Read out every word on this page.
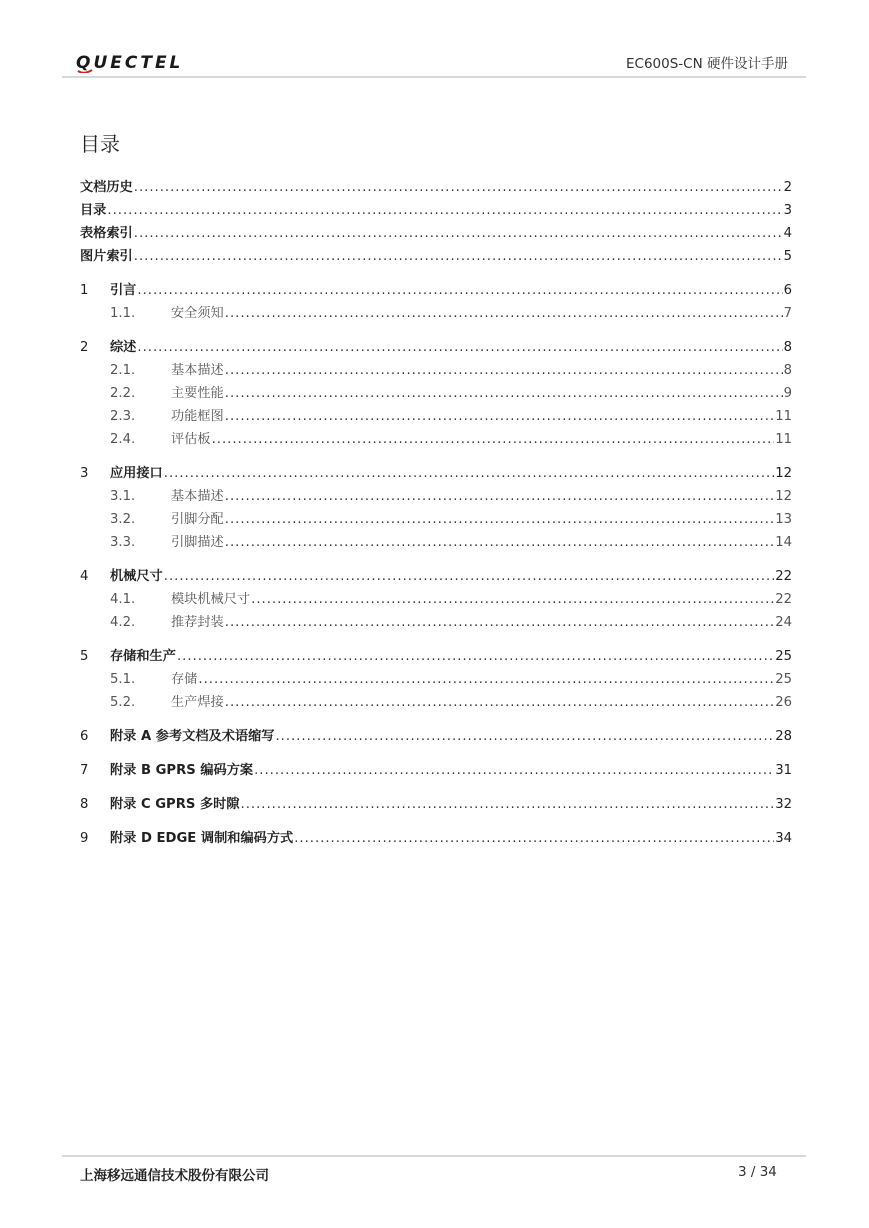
QUECTEL	EC600S-CN 硬件设计手册
目录
文档历史 .....	2
目录 .....	3
表格索引 .....	4
图片索引 .....	5
1	引言 .....	6
1.1.	安全须知 .....	7
2	综述 .....	8
2.1.	基本描述 .....	8
2.2.	主要性能 .....	9
2.3.	功能框图 .....	11
2.4.	评估板 .....	11
3	应用接口 .....	12
3.1.	基本描述 .....	12
3.2.	引脚分配 .....	13
3.3.	引脚描述 .....	14
4	机械尺寸 .....	22
4.1.	模块机械尺寸 .....	22
4.2.	推荐封装 .....	24
5	存储和生产 .....	25
5.1.	存储 .....	25
5.2.	生产焊接 .....	26
6	附录 A 参考文档及术语缩写 .....	28
7	附录 B GPRS 编码方案 .....	31
8	附录 C GPRS 多时隙 .....	32
9	附录 D EDGE 调制和编码方式 .....	34
上海移远通信技术股份有限公司	3 / 34
